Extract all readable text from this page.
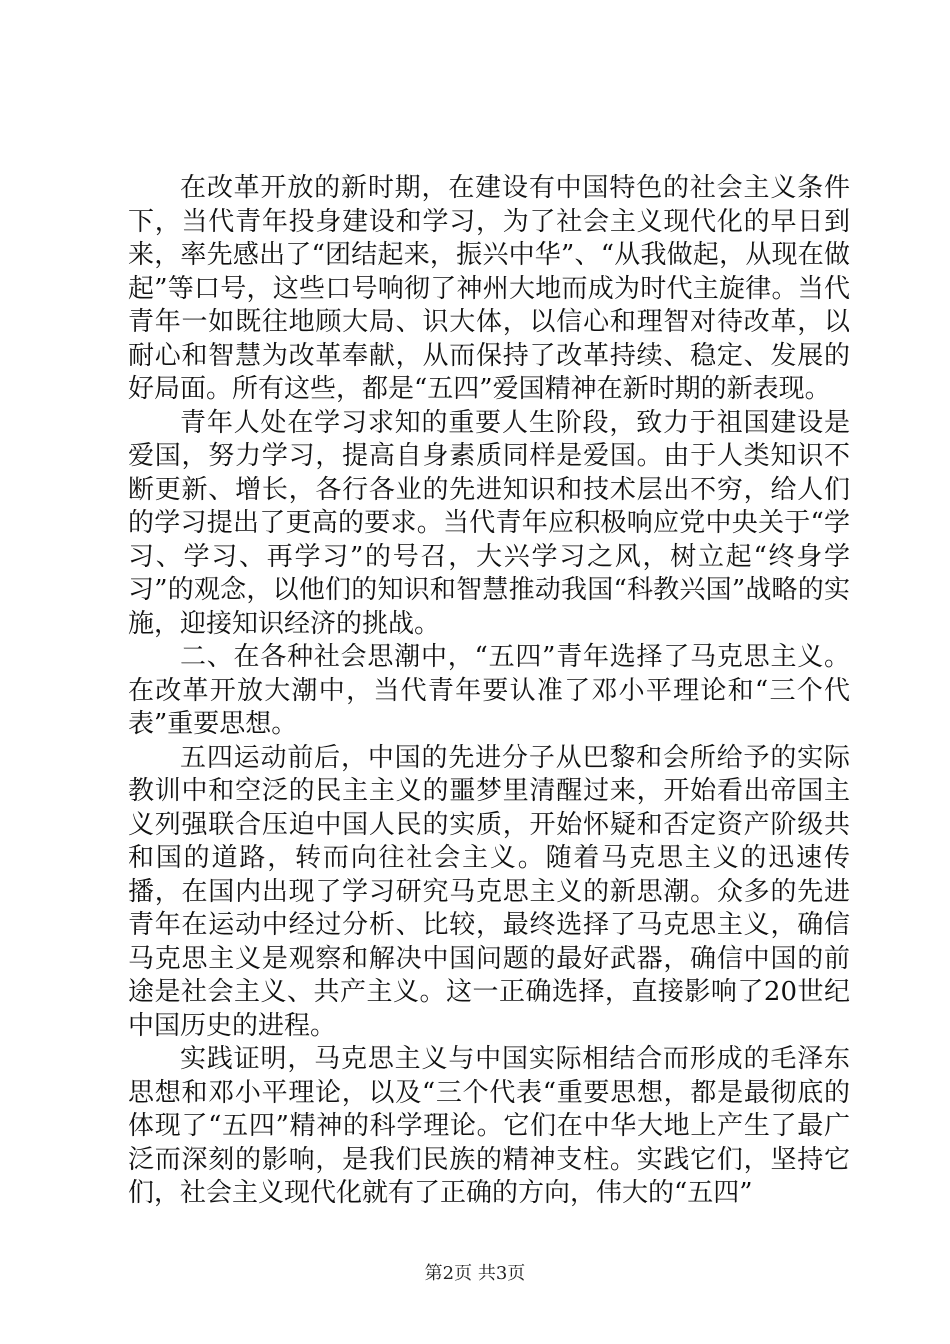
在改革开放的新时期，在建设有中国特色的社会主义条件下，当代青年投身建设和学习，为了社会主义现代化的早日到来，率先感出了“团结起来，振兴中华”、“从我做起，从现在做起”等口号，这些口号响彻了神州大地而成为时代主旋律。当代青年一如既往地顾大局、识大体，以信心和理智对待改革，以耐心和智慧为改革奉献，从而保持了改革持续、稳定、发展的好局面。所有这些，都是“五四”爱国精神在新时期的新表现。

青年人处在学习求知的重要人生阶段，致力于祖国建设是爱国，努力学习，提高自身素质同样是爱国。由于人类知识不断更新、增长，各行各业的先进知识和技术层出不穷，给人们的学习提出了更高的要求。当代青年应积极响应党中央关于“学习、学习、再学习”的号召，大兴学习之风，树立起“终身学习”的观念，以他们的知识和智慧推动我国“科教兴国”战略的实施，迎接知识经济的挑战。

二、在各种社会思潮中，“五四”青年选择了马克思主义。在改革开放大潮中，当代青年要认准了邓小平理论和“三个代表”重要思想。

五四运动前后，中国的先进分子从巴黎和会所给予的实际教训中和空泛的民主主义的噩梦里清醒过来，开始看出帝国主义列强联合压迫中国人民的实质，开始怀疑和否定资产阶级共和国的道路，转而向往社会主义。随着马克思主义的迅速传播，在国内出现了学习研究马克思主义的新思潮。众多的先进青年在运动中经过分析、比较，最终选择了马克思主义，确信马克思主义是观察和解决中国问题的最好武器，确信中国的前途是社会主义、共产主义。这一正确选择，直接影响了20世纪中国历史的进程。

实践证明，马克思主义与中国实际相结合而形成的毛泽东思想和邓小平理论，以及“三个代表“重要思想，都是最彻底的体现了“五四”精神的科学理论。它们在中华大地上产生了最广泛而深刻的影响，是我们民族的精神支柱。实践它们，坚持它们，社会主义现代化就有了正确的方向，伟大的“五四”

第2页 共3页
